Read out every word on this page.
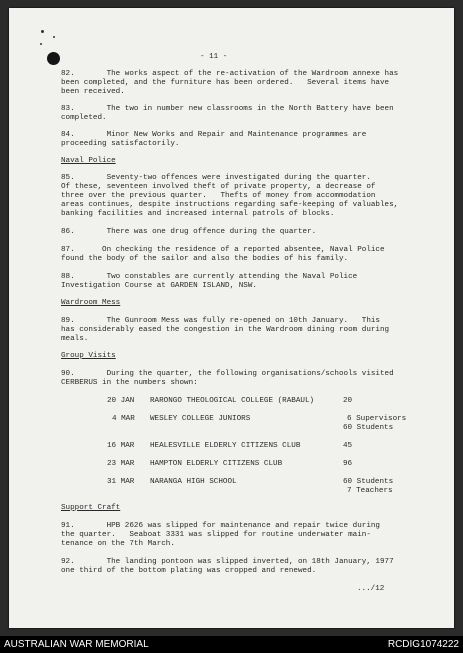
- 11 -
82.       The works aspect of the re-activation of the Wardroom annexe has
been completed, and the furniture has been ordered.   Several items have
been received.
83.       The two in number new classrooms in the North Battery have been
completed.
84.       Minor New Works and Repair and Maintenance programmes are
proceeding satisfactorily.
Naval Police
85.       Seventy-two offences were investigated during the quarter.
Of these, seventeen involved theft of private property, a decrease of
three over the previous quarter.   Thefts of money from accommodation
areas continues, despite instructions regarding safe-keeping of valuables,
banking facilities and increased internal patrols of blocks.
86.       There was one drug offence during the quarter.
87.      On checking the residence of a reported absentee, Naval Police
found the body of the sailor and also the bodies of his family.
88.       Two constables are currently attending the Naval Police
Investigation Course at GARDEN ISLAND, NSW.
Wardroom Mess
89.       The Gunroom Mess was fully re-opened on 10th January.   This
has considerably eased the congestion in the Wardroom dining room during
meals.
Group Visits
90.       During the quarter, the following organisations/schools visited
CERBERUS in the numbers shown:
20 JAN RARONGO THEOLOGICAL COLLEGE (RABAUL)	20
4 MAR WESLEY COLLEGE JUNIORS	6 Supervisors
60 Students
16 MAR HEALESVILLE ELDERLY CITIZENS CLUB	45
23 MAR HAMPTON ELDERLY CITIZENS CLUB	96
31 MAR NARANGA HIGH SCHOOL	60 Students
7 Teachers
Support Craft
91.       HPB 2626 was slipped for maintenance and repair twice during
the quarter.   Seaboat 3331 was slipped for routine underwater main-
tenance on the 7th March.
92.       The landing pontoon was slipped inverted, on 18th January, 1977
one third of the bottom plating was cropped and renewed.
.../12
AUSTRALIAN WAR MEMORIAL	RCDIG1074222
